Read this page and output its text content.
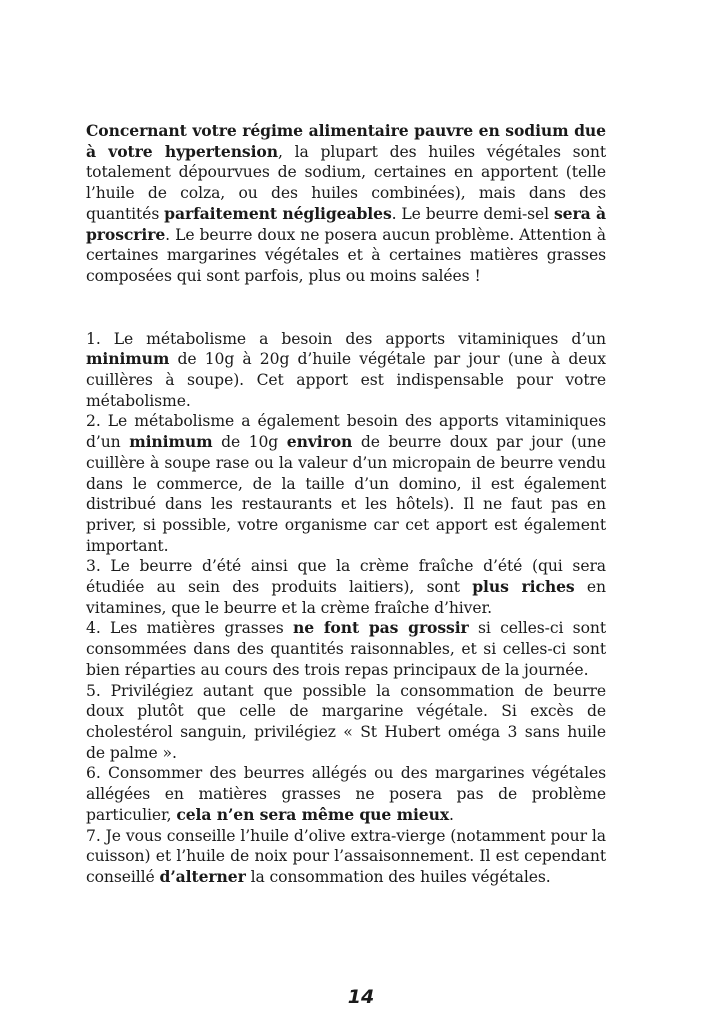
Concernant votre régime alimentaire pauvre en sodium due à votre hypertension, la plupart des huiles végétales sont totalement dépourvues de sodium, certaines en apportent (telle l’huile de colza, ou des huiles combinées), mais dans des quantités parfaitement négligeables. Le beurre demi-sel sera à proscrire. Le beurre doux ne posera aucun problème. Attention à certaines margarines végétales et à certaines matières grasses composées qui sont parfois, plus ou moins salées !

1. Le métabolisme a besoin des apports vitaminiques d’un minimum de 10g à 20g d’huile végétale par jour (une à deux cuillères à soupe). Cet apport est indispensable pour votre métabolisme.

2. Le métabolisme a également besoin des apports vitaminiques d’un minimum de 10g environ de beurre doux par jour (une cuillère à soupe rase ou la valeur d’un micropain de beurre vendu dans le commerce, de la taille d’un domino, il est également distribué dans les restaurants et les hôtels). Il ne faut pas en priver, si possible, votre organisme car cet apport est également important.

3. Le beurre d’été ainsi que la crème fraîche d’été (qui sera étudiée au sein des produits laitiers), sont plus riches en vitamines, que le beurre et la crème fraîche d’hiver.

4. Les matières grasses ne font pas grossir si celles-ci sont consommées dans des quantités raisonnables, et si celles-ci sont bien réparties au cours des trois repas principaux de la journée.

5. Privilégiez autant que possible la consommation de beurre doux plutôt que celle de margarine végétale. Si excès de cholestérol sanguin, privilégiez « St Hubert oméga 3 sans huile de palme ».

6. Consommer des beurres allégés ou des margarines végétales allégées en matières grasses ne posera pas de problème particulier, cela n’en sera même que mieux.

7. Je vous conseille l’huile d’olive extra-vierge (notamment pour la cuisson) et l’huile de noix pour l’assaisonnement. Il est cependant conseillé d’alterner la consommation des huiles végétales.

14
